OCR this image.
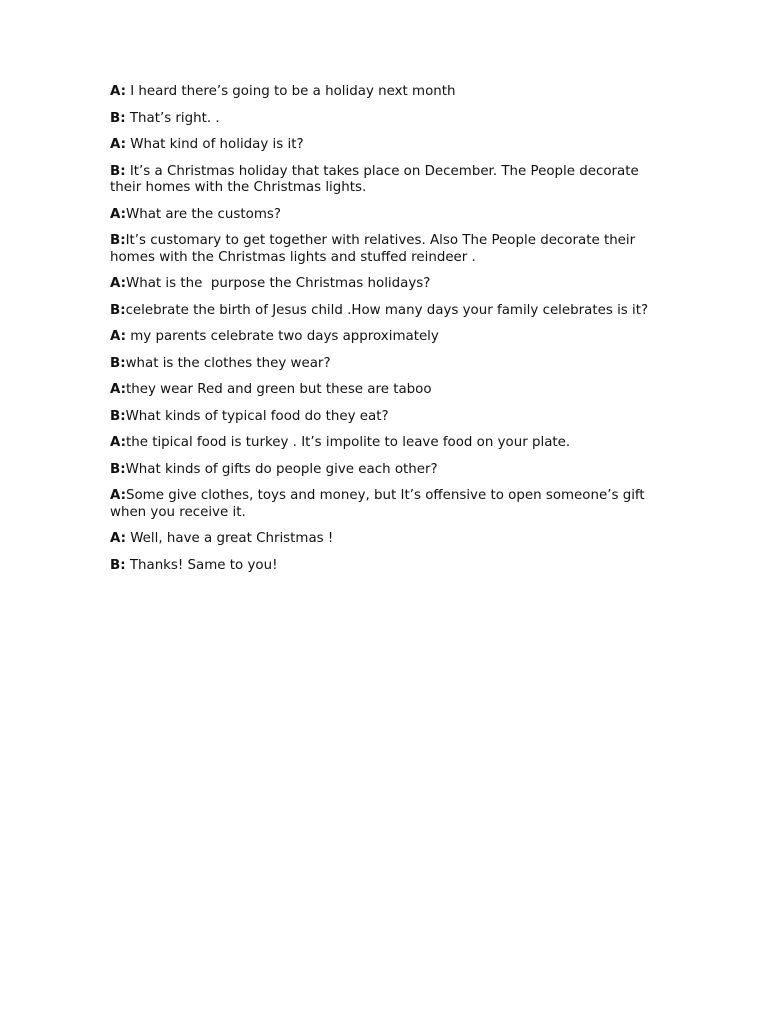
A: I heard there’s going to be a holiday next month

B: That’s right. .

A: What kind of holiday is it?

B: It’s a Christmas holiday that takes place on December. The People decorate their homes with the Christmas lights.

A:What are the customs?

B:It’s customary to get together with relatives. Also The People decorate their homes with the Christmas lights and stuffed reindeer .

A:What is the  purpose the Christmas holidays?

B:celebrate the birth of Jesus child .How many days your family celebrates is it?

A: my parents celebrate two days approximately

B:what is the clothes they wear?

A:they wear Red and green but these are taboo

B:What kinds of typical food do they eat?

A:the tipical food is turkey . It’s impolite to leave food on your plate.

B:What kinds of gifts do people give each other?

A:Some give clothes, toys and money, but It’s offensive to open someone’s gift when you receive it.

A: Well, have a great Christmas !

B: Thanks! Same to you!
